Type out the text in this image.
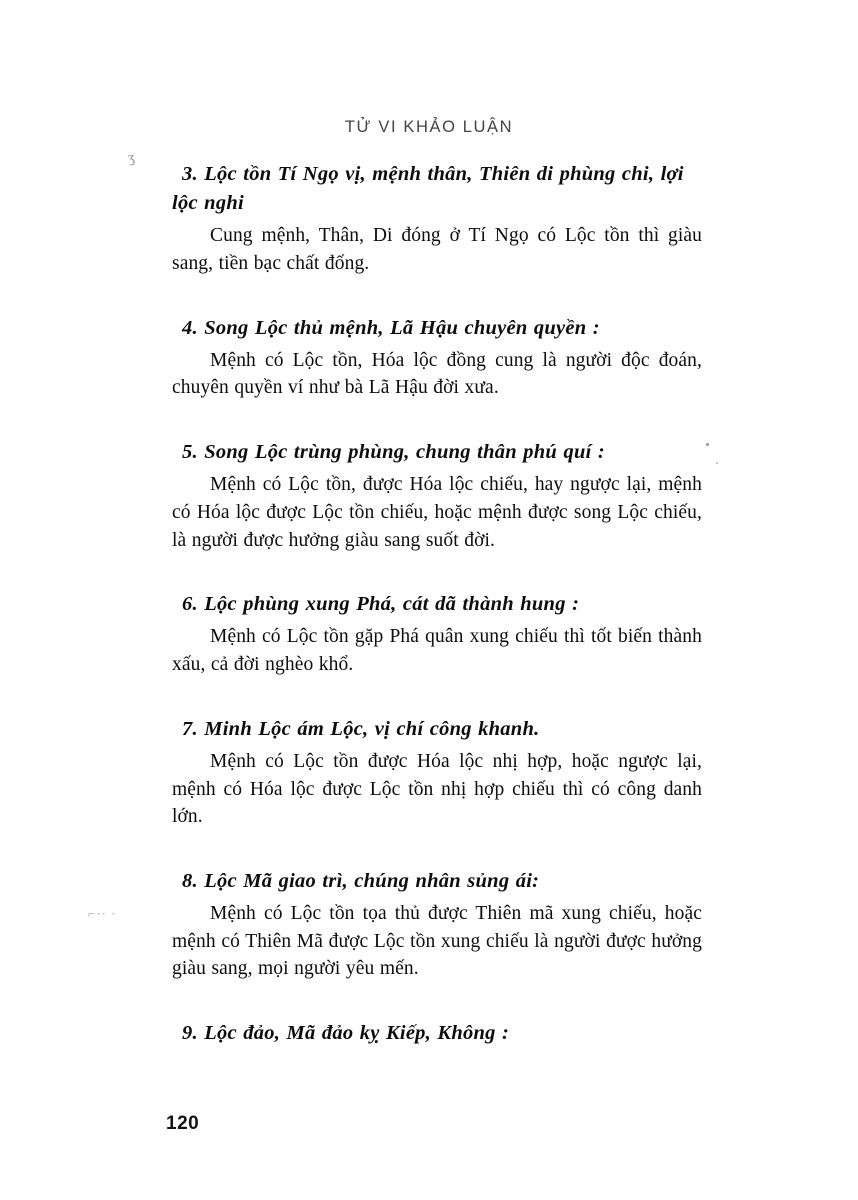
TỬ VI KHẢO LUẬN
ʒ
⌐·· ·

3. Lộc tồn Tí Ngọ vị, mệnh thân, Thiên di phùng chi, lợi lộc nghi

Cung mệnh, Thân, Di đóng ở Tí Ngọ có Lộc tồn thì giàu sang, tiền bạc chất đống.

4. Song Lộc thủ mệnh, Lã Hậu chuyên quyền :

Mệnh có Lộc tồn, Hóa lộc đồng cung là người độc đoán, chuyên quyền ví như bà Lã Hậu đời xưa.

5. Song Lộc trùng phùng, chung thân phú quí :

Mệnh có Lộc tồn, được Hóa lộc chiếu, hay ngược lại, mệnh có Hóa lộc được Lộc tồn chiếu, hoặc mệnh được song Lộc chiếu, là người được hưởng giàu sang suốt đời.

6. Lộc phùng xung Phá, cát dã thành hung :

Mệnh có Lộc tồn gặp Phá quân xung chiếu thì tốt biến thành xấu, cả đời nghèo khổ.

7. Minh Lộc ám Lộc, vị chí công khanh.

Mệnh có Lộc tồn được Hóa lộc nhị hợp, hoặc ngược lại, mệnh có Hóa lộc được Lộc tồn nhị hợp chiếu thì có công danh lớn.

8. Lộc Mã giao trì, chúng nhân sủng ái:

Mệnh có Lộc tồn tọa thủ được Thiên mã xung chiếu, hoặc mệnh có Thiên Mã được Lộc tồn xung chiếu là người được hưởng giàu sang, mọi người yêu mến.

9. Lộc đảo, Mã đảo kỵ Kiếp, Không :

120
